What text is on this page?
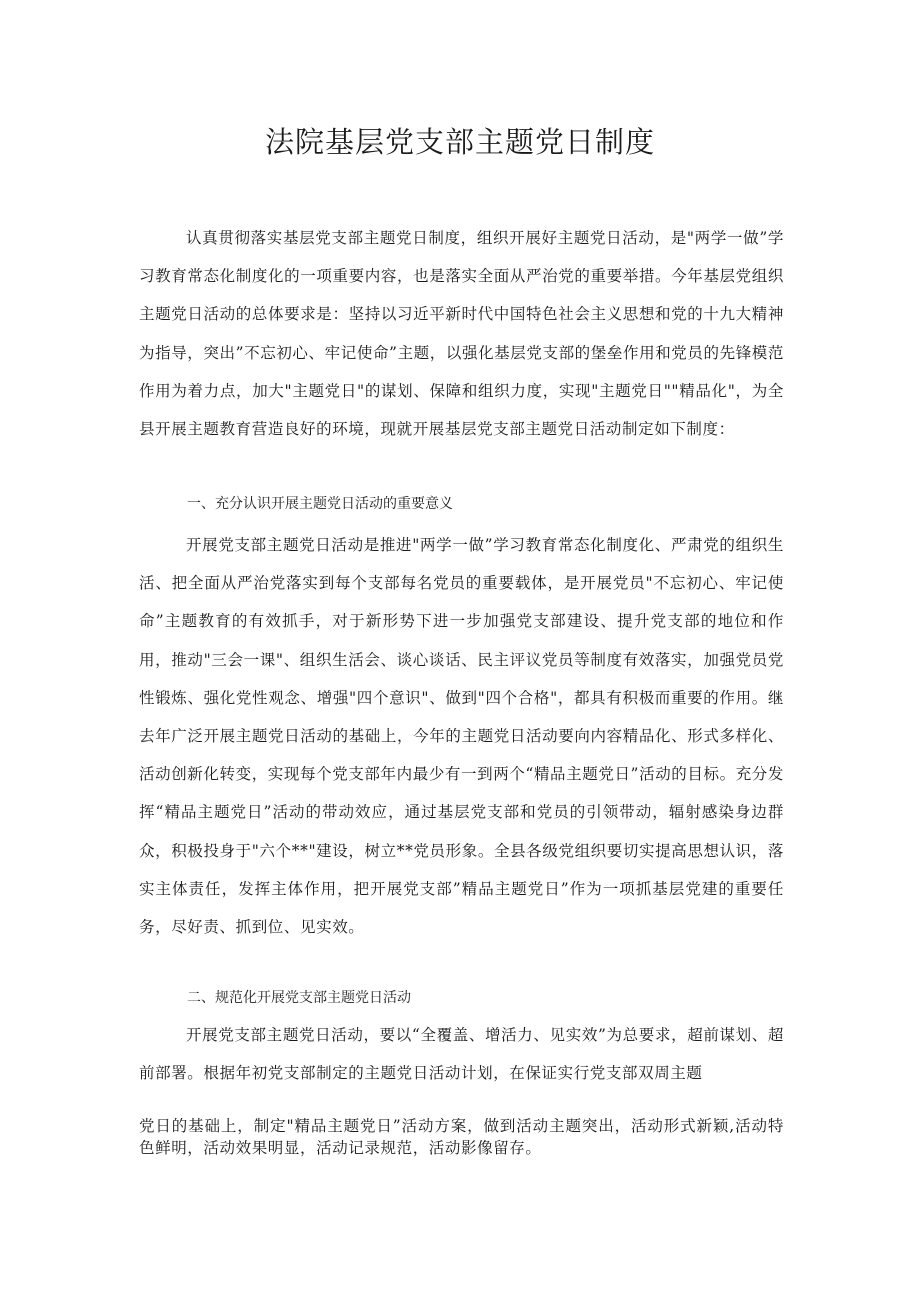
法院基层党支部主题党日制度

认真贯彻落实基层党支部主题党日制度，组织开展好主题党日活动，是"两学一做”学习教育常态化制度化的一项重要内容，也是落实全面从严治党的重要举措。今年基层党组织主题党日活动的总体要求是：坚持以习近平新时代中国特色社会主义思想和党的十九大精神为指导，突出”不忘初心、牢记使命”主题，以强化基层党支部的堡垒作用和党员的先锋模范作用为着力点，加大"主题党日"的谋划、保障和组织力度，实现"主题党日""精品化"，为全县开展主题教育营造良好的环境，现就开展基层党支部主题党日活动制定如下制度：

一、充分认识开展主题党日活动的重要意义

开展党支部主题党日活动是推进"两学一做”学习教育常态化制度化、严肃党的组织生活、把全面从严治党落实到每个支部每名党员的重要载体，是开展党员"不忘初心、牢记使命”主题教育的有效抓手，对于新形势下进一步加强党支部建设、提升党支部的地位和作用，推动"三会一课"、组织生活会、谈心谈话、民主评议党员等制度有效落实，加强党员党性锻炼、强化党性观念、增强"四个意识"、做到"四个合格"，都具有积极而重要的作用。继去年广泛开展主题党日活动的基础上，今年的主题党日活动要向内容精品化、形式多样化、活动创新化转变，实现每个党支部年内最少有一到两个“精品主题党日”活动的目标。充分发挥“精品主题党日”活动的带动效应，通过基层党支部和党员的引领带动，辐射感染身边群众，积极投身于"六个**"建设，树立**党员形象。全县各级党组织要切实提高思想认识，落实主体责任，发挥主体作用，把开展党支部”精品主题党日”作为一项抓基层党建的重要任务，尽好责、抓到位、见实效。

二、规范化开展党支部主题党日活动

开展党支部主题党日活动，要以“全覆盖、增活力、见实效”为总要求，超前谋划、超前部署。根据年初党支部制定的主题党日活动计划，在保证实行党支部双周主题

党日的基础上，制定"精品主题党日”活动方案，做到活动主题突出，活动形式新颖,活动特色鲜明，活动效果明显，活动记录规范，活动影像留存。
